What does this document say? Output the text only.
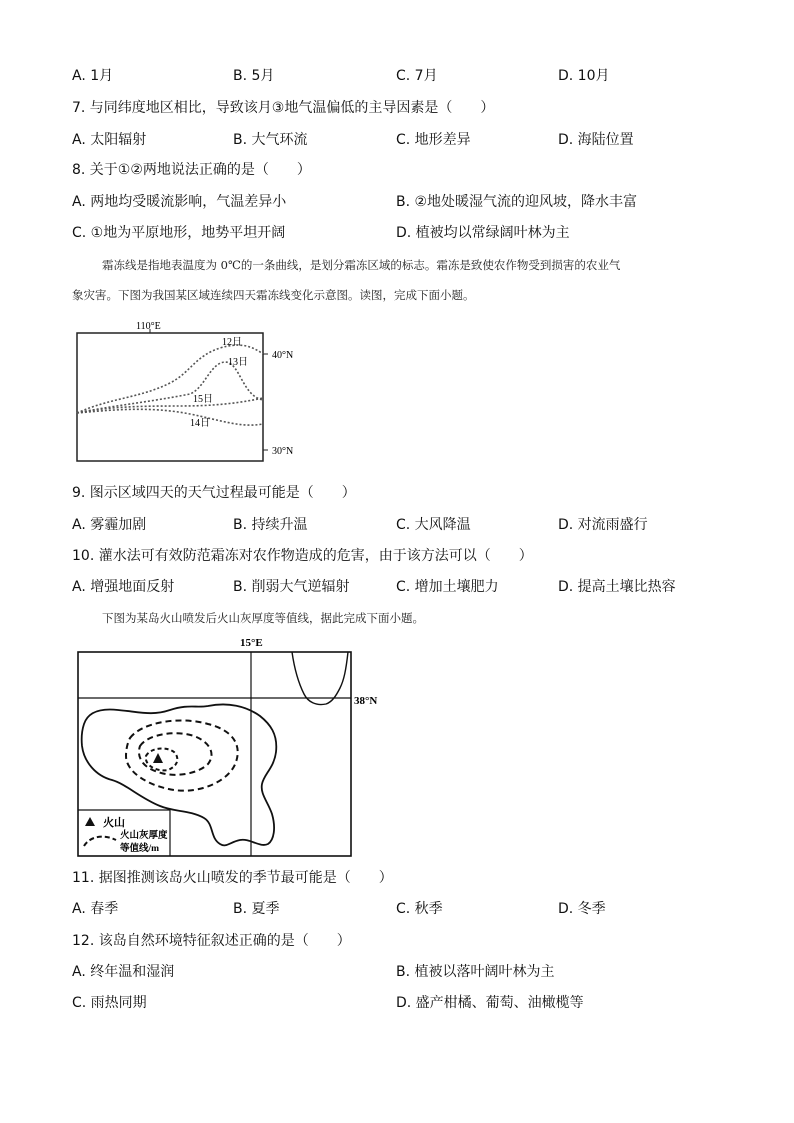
A. 1月	B. 5月	C. 7月	D. 10月
7. 与同纬度地区相比，导致该月③地气温偏低的主导因素是（　　）
A. 太阳辐射	B. 大气环流	C. 地形差异	D. 海陆位置
8. 关于①②两地说法正确的是（　　）
A. 两地均受暖流影响，气温差异小	B. ②地处暖湿气流的迎风坡，降水丰富
C. ①地为平原地形，地势平坦开阔	D. 植被均以常绿阔叶林为主
霜冻线是指地表温度为 0℃的一条曲线，是划分霜冻区域的标志。霜冻是致使农作物受到损害的农业气
象灾害。下图为我国某区域连续四天霜冻线变化示意图。读图，完成下面小题。
110°E
40°N
30°N
12日
13日
15日
14日
9. 图示区域四天的天气过程最可能是（　　）
A. 雾霾加剧	B. 持续升温	C. 大风降温	D. 对流雨盛行
10. 灌水法可有效防范霜冻对农作物造成的危害，由于该方法可以（　　）
A. 增强地面反射	B. 削弱大气逆辐射	C. 增加土壤肥力	D. 提高土壤比热容
下图为某岛火山喷发后火山灰厚度等值线，据此完成下面小题。
15°E
38°N
火山
火山灰厚度
等值线/m
11. 据图推测该岛火山喷发的季节最可能是（　　）
A. 春季	B. 夏季	C. 秋季	D. 冬季
12. 该岛自然环境特征叙述正确的是（　　）
A. 终年温和湿润	B. 植被以落叶阔叶林为主
C. 雨热同期	D. 盛产柑橘、葡萄、油橄榄等
